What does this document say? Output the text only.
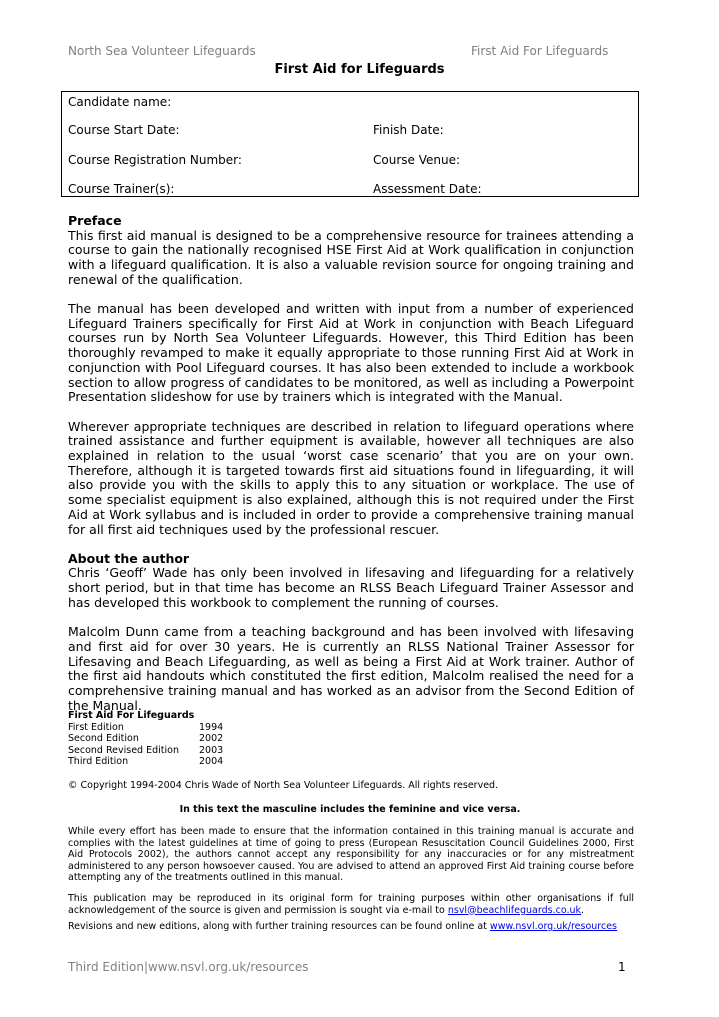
North Sea Volunteer Lifeguards	First Aid For Lifeguards
First Aid for Lifeguards
Candidate name:
Course Start Date:	Finish Date:
Course Registration Number:	Course Venue:
Course Trainer(s):	Assessment Date:
Preface

This first aid manual is designed to be a comprehensive resource for trainees attending a course to gain the nationally recognised HSE First Aid at Work qualification in conjunction with a lifeguard qualification. It is also a valuable revision source for ongoing training and renewal of the qualification.

The manual has been developed and written with input from a number of experienced Lifeguard Trainers specifically for First Aid at Work in conjunction with Beach Lifeguard courses run by North Sea Volunteer Lifeguards. However, this Third Edition has been thoroughly revamped to make it equally appropriate to those running First Aid at Work in conjunction with Pool Lifeguard courses. It has also been extended to include a workbook section to allow progress of candidates to be monitored, as well as including a Powerpoint Presentation slideshow for use by trainers which is integrated with the Manual.

Wherever appropriate techniques are described in relation to lifeguard operations where trained assistance and further equipment is available, however all techniques are also explained in relation to the usual ‘worst case scenario’ that you are on your own. Therefore, although it is targeted towards first aid situations found in lifeguarding, it will also provide you with the skills to apply this to any situation or workplace. The use of some specialist equipment is also explained, although this is not required under the First Aid at Work syllabus and is included in order to provide a comprehensive training manual for all first aid techniques used by the professional rescuer.

About the author

Chris ‘Geoff’ Wade has only been involved in lifesaving and lifeguarding for a relatively short period, but in that time has become an RLSS Beach Lifeguard Trainer Assessor and has developed this workbook to complement the running of courses.

Malcolm Dunn came from a teaching background and has been involved with lifesaving and first aid for over 30 years. He is currently an RLSS National Trainer Assessor for Lifesaving and Beach Lifeguarding, as well as being a First Aid at Work trainer. Author of the first aid handouts which constituted the first edition, Malcolm realised the need for a comprehensive training manual and has worked as an advisor from the Second Edition of the Manual.

First Aid For Lifeguards
First Edition	1994
Second Edition	2002
Second Revised Edition	2003
Third Edition	2004
© Copyright 1994-2004 Chris Wade of North Sea Volunteer Lifeguards. All rights reserved.
In this text the masculine includes the feminine and vice versa.

While every effort has been made to ensure that the information contained in this training manual is accurate and complies with the latest guidelines at time of going to press (European Resuscitation Council Guidelines 2000, First Aid Protocols 2002), the authors cannot accept any responsibility for any inaccuracies or for any mistreatment administered to any person howsoever caused. You are advised to attend an approved First Aid training course before attempting any of the treatments outlined in this manual.

This publication may be reproduced in its original form for training purposes within other organisations if full acknowledgement of the source is given and permission is sought via e-mail to nsvl@beachlifeguards.co.uk.

Revisions and new editions, along with further training resources can be found online at www.nsvl.org.uk/resources

Third Edition|www.nsvl.org.uk/resources	1
